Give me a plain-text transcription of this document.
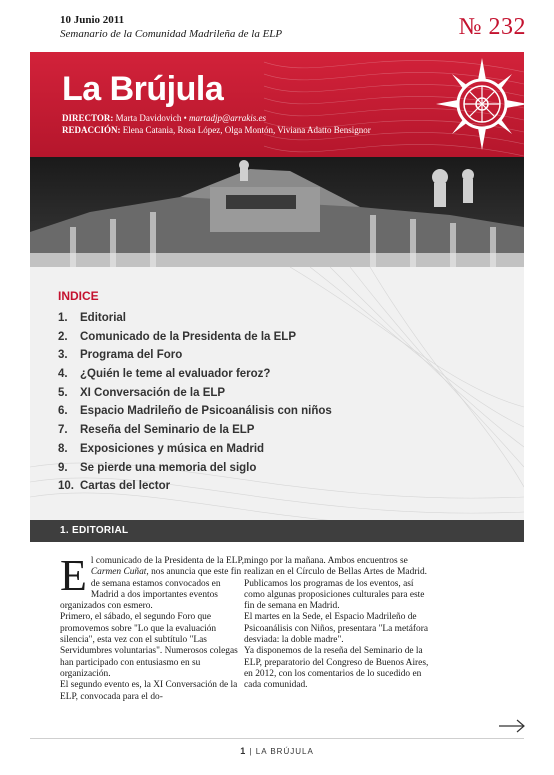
10 Junio 2011
Semanario de la Comunidad Madrileña de la ELP	№ 232
La Brújula
DIRECTOR: Marta Davidovich • martadjp@arrakis.es
REDACCIÓN: Elena Catania, Rosa López, Olga Montón, Viviana Adatto Bensignor
INDICE
1.	Editorial
2.	Comunicado de la Presidenta de la ELP
3.	Programa del Foro
4.	¿Quién le teme al evaluador feroz?
5.	XI Conversación de la ELP
6.	Espacio Madrileño de Psicoanálisis con niños
7.	Reseña del Seminario de la ELP
8.	Exposiciones y música en Madrid
9.	Se pierde una memoria del siglo
10. Cartas del lector
1. EDITORIAL

El comunicado de la Presidenta de la ELP, Carmen Cuñat, nos anuncia que este fin de semana estamos convocados en Madrid a dos importantes eventos organizados con esmero.

Primero, el sábado, el segundo Foro que promovemos sobre "Lo que la evaluación silencia", esta vez con el subtítulo "Las Servidumbres voluntarias". Numerosos colegas han participado con entusiasmo en su organización.

El segundo evento es, la XI Conversación de la ELP, convocada para el do-

mingo por la mañana. Ambos encuentros se realizan en el Círculo de Bellas Artes de Madrid. Publicamos los programas de los eventos, así como algunas proposiciones culturales para este fin de semana en Madrid.

El martes en la Sede, el Espacio Madrileño de Psicoanálisis con Niños, presentara "La metáfora desviada: la doble madre".

Ya disponemos de la reseña del Seminario de la ELP, preparatorio del Congreso de Buenos Aires, en 2012, con los comentarios de lo sucedido en cada comunidad.

1 | LA BRÚJULA
